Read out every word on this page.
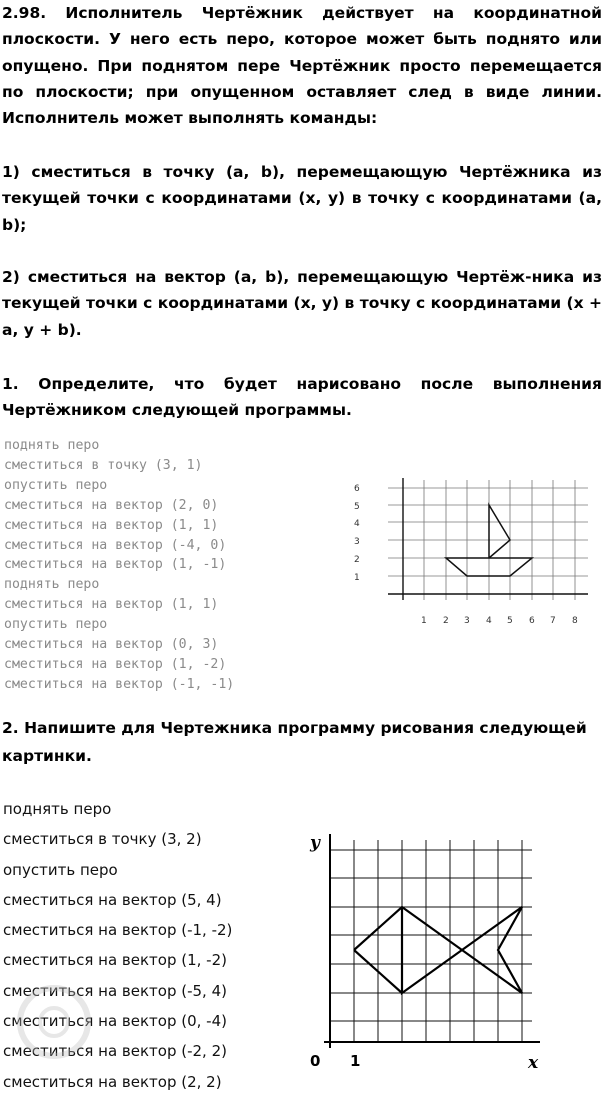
2.98. Исполнитель Чертёжник действует на координатной плоскости. У него есть перо, которое может быть поднято или опущено. При поднятом пере Чертёжник просто перемещается по плоскости; при опущенном оставляет след в виде линии. Исполнитель может выполнять команды:

1) сместиться в точку (a, b), перемещающую Чертёжника из текущей точки с координатами (x, y) в точку с координатами (a, b);

2) сместиться на вектор (a, b), перемещающую Чертёж-ника из текущей точки с координатами (x, y) в точку с координатами (x + a, y + b).

1. Определите, что будет нарисовано после выполнения Чертёжником следующей программы.

поднять перо
сместиться в точку (3, 1)
опустить перо
сместиться на вектор (2, 0)
сместиться на вектор (1, 1)
сместиться на вектор (-4, 0)
сместиться на вектор (1, -1)
поднять перо
сместиться на вектор (1, 1)
опустить перо
сместиться на вектор (0, 3)
сместиться на вектор (1, -2)
сместиться на вектор (-1, -1)
1 2 3 4 5 6 7 8
1
2
3
4
5
6

2. Напишите для Чертежника программу рисования следующей картинки.

поднять перо
сместиться в точку (3, 2)
опустить перо
сместиться на вектор (5, 4)
сместиться на вектор (-1, -2)
сместиться на вектор (1, -2)
сместиться на вектор (-5, 4)
сместиться на вектор (0, -4)
сместиться на вектор (-2, 2)
сместиться на вектор (2, 2)
y
x
0 1
